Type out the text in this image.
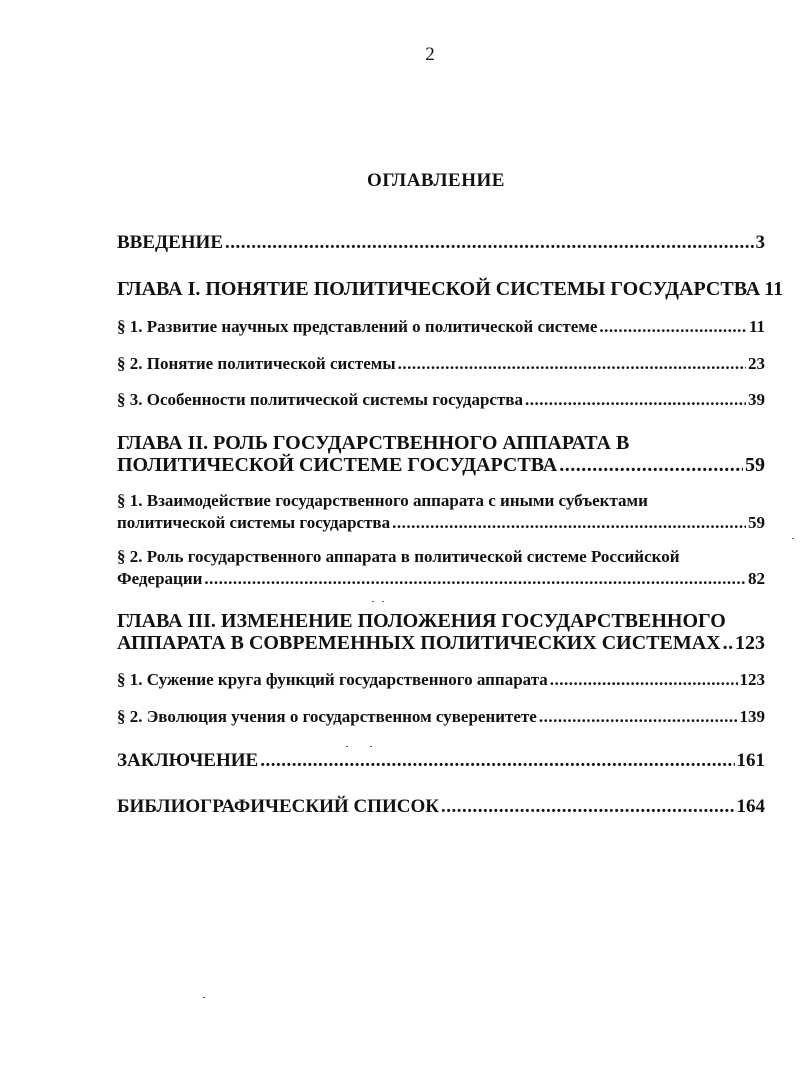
2
ОГЛАВЛЕНИЕ
ВВЕДЕНИЕ .....	3
ГЛАВА I. ПОНЯТИЕ ПОЛИТИЧЕСКОЙ СИСТЕМЫ ГОСУДАРСТВА 11
§ 1. Развитие научных представлений о политической системе .....	11
§ 2. Понятие политической системы .....	23
§ 3. Особенности политической системы государства .....	39
ГЛАВА II. РОЛЬ ГОСУДАРСТВЕННОГО АППАРАТА В
ПОЛИТИЧЕСКОЙ СИСТЕМЕ ГОСУДАРСТВА .....	59
§ 1. Взаимодействие государственного аппарата с иными субъектами
политической системы государства .....	59
§ 2. Роль государственного аппарата в политической системе Российской
Федерации .....	82
ГЛАВА III. ИЗМЕНЕНИЕ ПОЛОЖЕНИЯ ГОСУДАРСТВЕННОГО
АППАРАТА В СОВРЕМЕННЫХ ПОЛИТИЧЕСКИХ СИСТЕМАХ ..... 123
§ 1. Сужение круга функций государственного аппарата .....	123
§ 2. Эволюция учения о государственном суверенитете .....	139
ЗАКЛЮЧЕНИЕ .....	161
БИБЛИОГРАФИЧЕСКИЙ СПИСОК .....	164
